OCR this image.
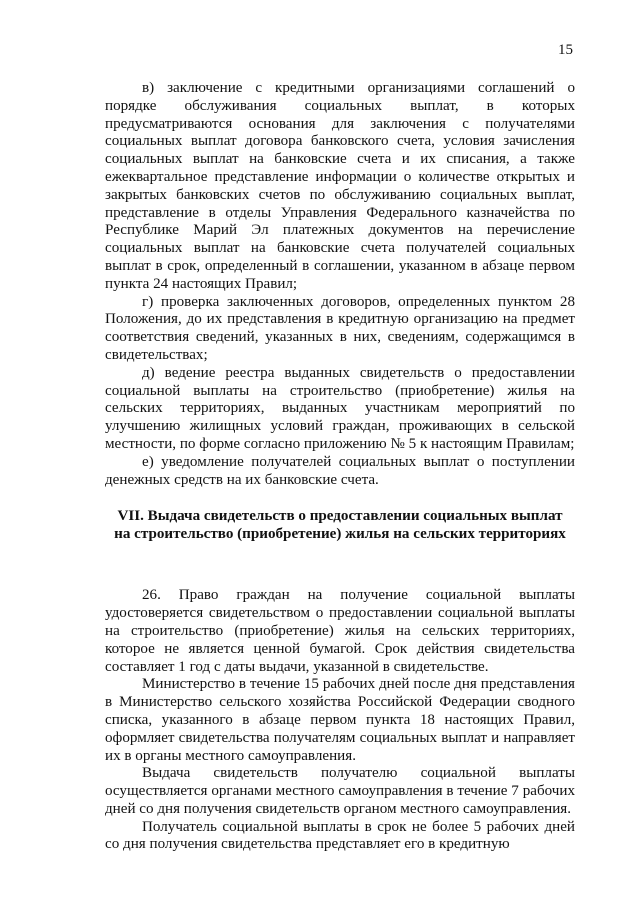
15

в) заключение с кредитными организациями соглашений о порядке обслуживания социальных выплат, в которых предусматриваются основания для заключения с получателями социальных выплат договора банковского счета, условия зачисления социальных выплат на банковские счета и их списания, а также ежеквартальное представление информации о количестве открытых и закрытых банковских счетов по обслуживанию социальных выплат, представление в отделы Управления Федерального казначейства по Республике Марий Эл платежных документов на перечисление социальных выплат на банковские счета получателей социальных выплат в срок, определенный в соглашении, указанном в абзаце первом пункта 24 настоящих Правил;

г) проверка заключенных договоров, определенных пунктом 28 Положения, до их представления в кредитную организацию на предмет соответствия сведений, указанных в них, сведениям, содержащимся в свидетельствах;

д) ведение реестра выданных свидетельств о предоставлении социальной выплаты на строительство (приобретение) жилья на сельских территориях, выданных участникам мероприятий по улучшению жилищных условий граждан, проживающих в сельской местности, по форме согласно приложению № 5 к настоящим Правилам;

е) уведомление получателей социальных выплат о поступлении денежных средств на их банковские счета.

VII. Выдача свидетельств о предоставлении социальных выплат
на строительство (приобретение) жилья на сельских территориях

26. Право граждан на получение социальной выплаты удостоверяется свидетельством о предоставлении социальной выплаты на строительство (приобретение) жилья на сельских территориях, которое не является ценной бумагой. Срок действия свидетельства составляет 1 год с даты выдачи, указанной в свидетельстве.

Министерство в течение 15 рабочих дней после дня представления в Министерство сельского хозяйства Российской Федерации сводного списка, указанного в абзаце первом пункта 18 настоящих Правил, оформляет свидетельства получателям социальных выплат и направляет их в органы местного самоуправления.

Выдача свидетельств получателю социальной выплаты осуществляется органами местного самоуправления в течение 7 рабочих дней со дня получения свидетельств органом местного самоуправления.

Получатель социальной выплаты в срок не более 5 рабочих дней со дня получения свидетельства представляет его в кредитную
